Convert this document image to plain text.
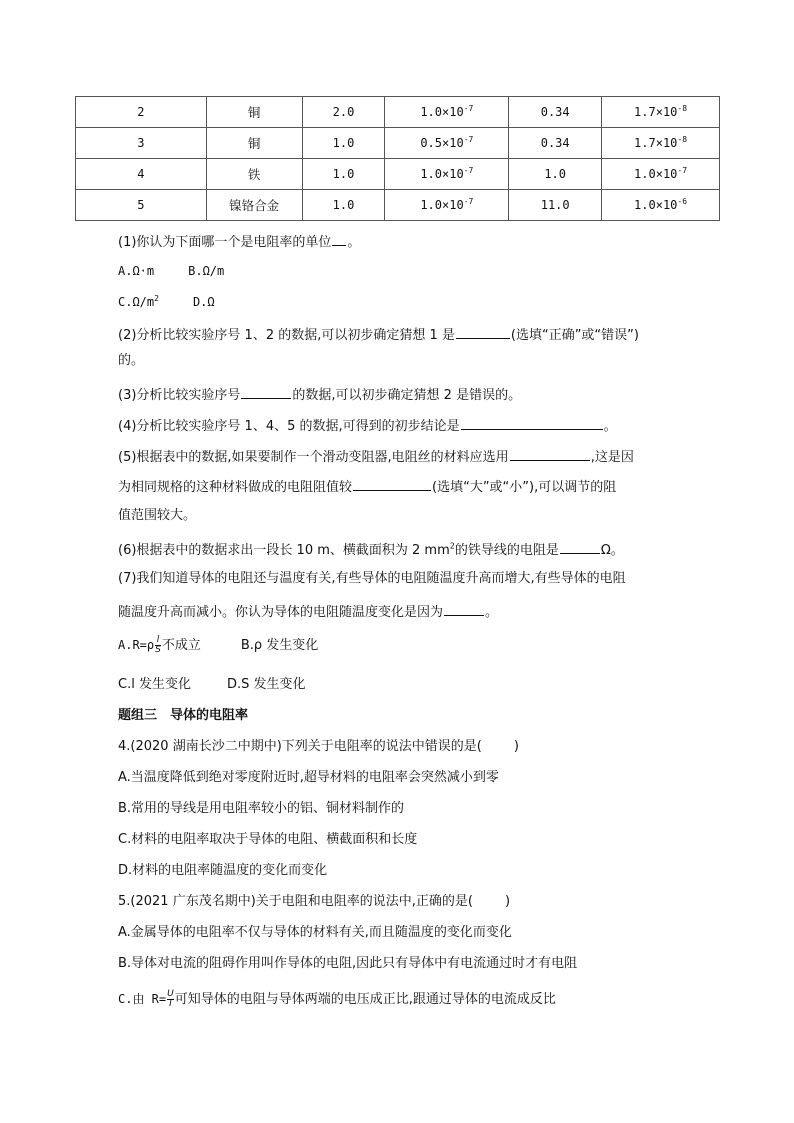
2	铜	2.0	$1.0\times 10^{-7}$	0.34	$1.7\times 10^{-8}$
3	铜	1.0	$0.5\times 10^{-7}$	0.34	$1.7\times 10^{-8}$
4	铁	1.0	$1.0\times 10^{-7}$	1.0	$1.0\times 10^{-7}$
5	镍铬合金	1.0	$1.0\times 10^{-7}$	11.0	$1.0\times 10^{-6}$
(1)你认为下面哪一个是电阻率的单位 。
A.Ω·m	B.Ω/m
$C.\Omega/m^2$	D.Ω
(2)分析比较实验序号 1、2 的数据,可以初步确定猜想 1 是	(选填“正确”或“错误”)
的。
(3)分析比较实验序号	的数据,可以初步确定猜想 2 是错误的。
(4)分析比较实验序号 1、4、5 的数据,可得到的初步结论是	。
(5)根据表中的数据,如果要制作一个滑动变阻器,电阻丝的材料应选用	,这是因
为相同规格的这种材料做成的电阻阻值较	(选填“大”或“小”),可以调节的阻
值范围较大。
(6)根据表中的数据求出一段长 10 m、横截面积为 2 $mm^2$的铁导线的电阻是	Ω。
(7)我们知道导体的电阻还与温度有关,有些导体的电阻随温度升高而增大,有些导体的电阻
随温度升高而减小。你认为导体的电阻随温度变化是因为	。
$A.R=\rho \frac{l}{S}$ 不成立	B.ρ 发生变化
C.l 发生变化	D.S 发生变化
题组三　导体的电阻率
4.(2020 湖南长沙二中期中)下列关于电阻率的说法中错误的是( )
A.当温度降低到绝对零度附近时,超导材料的电阻率会突然减小到零
B.常用的导线是用电阻率较小的铝、铜材料制作的
C.材料的电阻率取决于导体的电阻、横截面积和长度
D.材料的电阻率随温度的变化而变化
5.(2021 广东茂名期中)关于电阻和电阻率的说法中,正确的是( )
A.金属导体的电阻率不仅与导体的材料有关,而且随温度的变化而变化
B.导体对电流的阻碍作用叫作导体的电阻,因此只有导体中有电流通过时才有电阻
C.由 $R= \frac{U}{I}$ 可知导体的电阻与导体两端的电压成正比,跟通过导体的电流成反比
